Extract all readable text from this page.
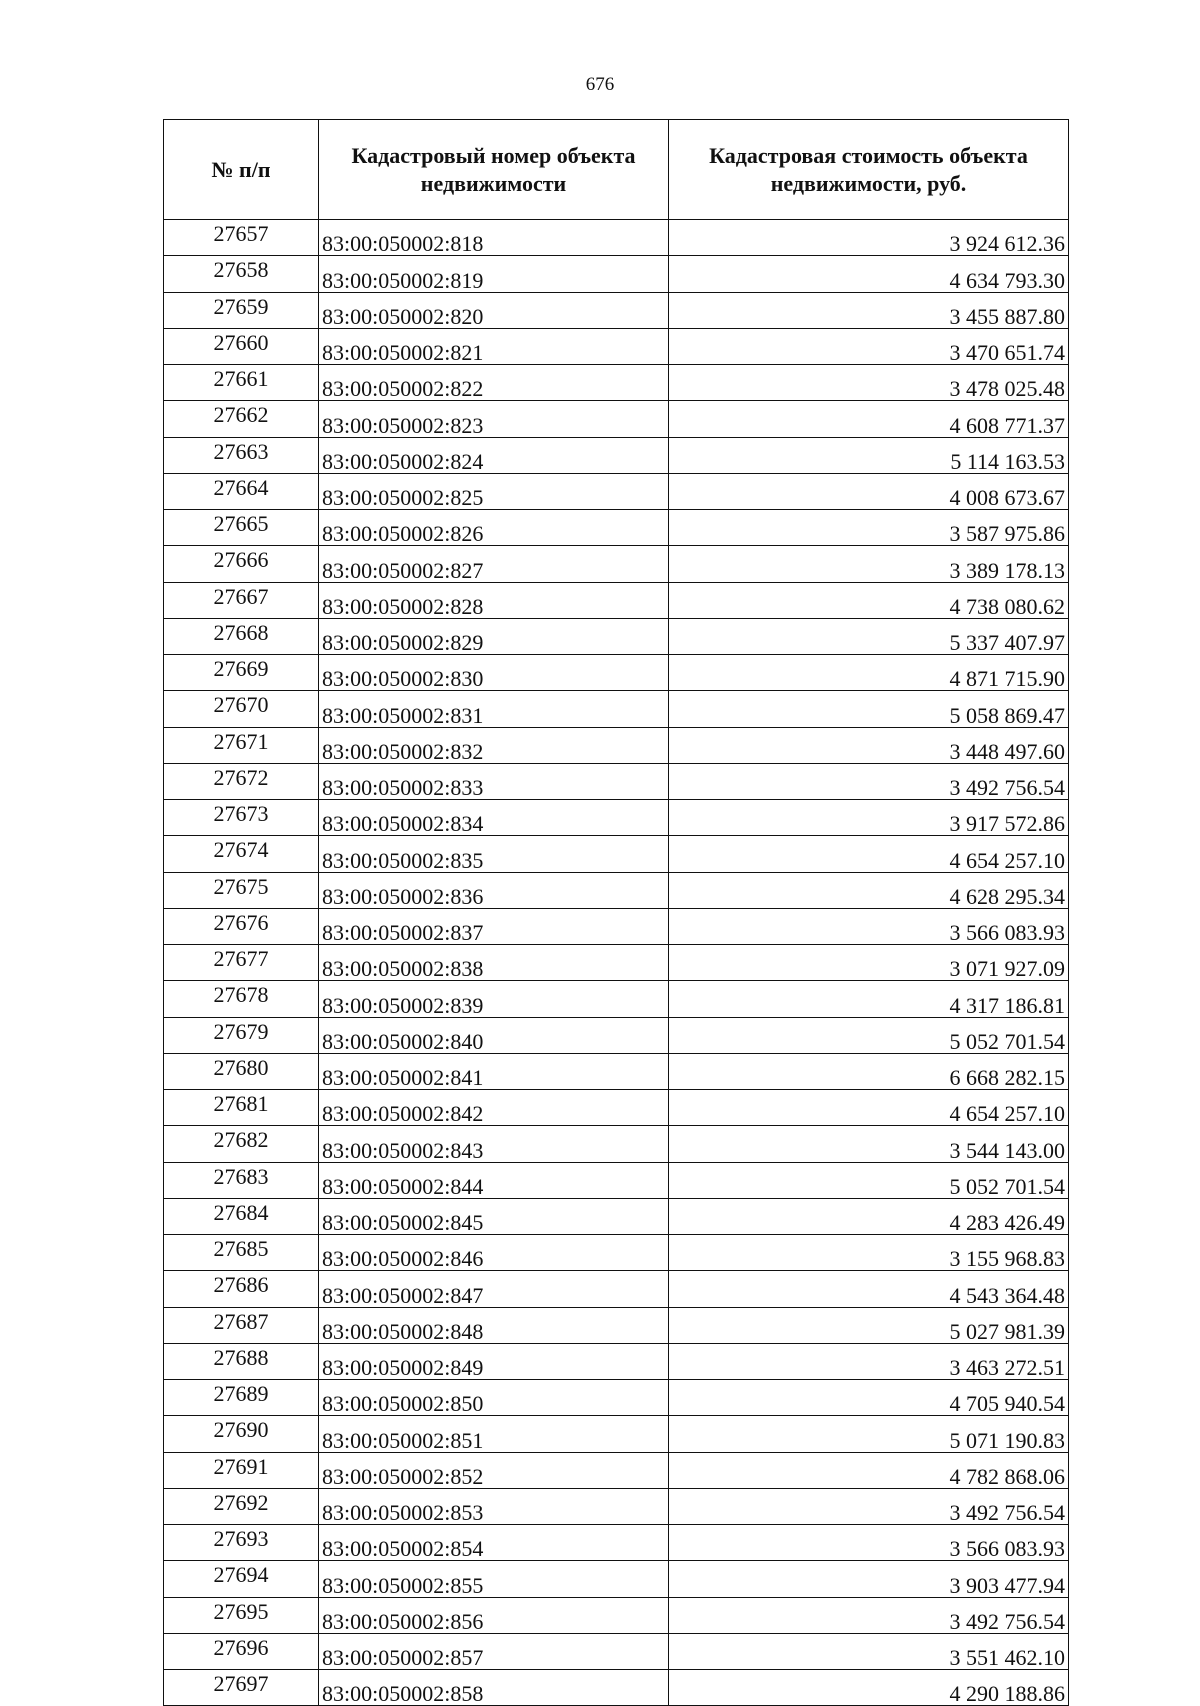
676
№ п/п	Кадастровый номер объекта недвижимости	Кадастровая стоимость объекта недвижимости, руб.
27657	83:00:050002:818	3 924 612.36
27658	83:00:050002:819	4 634 793.30
27659	83:00:050002:820	3 455 887.80
27660	83:00:050002:821	3 470 651.74
27661	83:00:050002:822	3 478 025.48
27662	83:00:050002:823	4 608 771.37
27663	83:00:050002:824	5 114 163.53
27664	83:00:050002:825	4 008 673.67
27665	83:00:050002:826	3 587 975.86
27666	83:00:050002:827	3 389 178.13
27667	83:00:050002:828	4 738 080.62
27668	83:00:050002:829	5 337 407.97
27669	83:00:050002:830	4 871 715.90
27670	83:00:050002:831	5 058 869.47
27671	83:00:050002:832	3 448 497.60
27672	83:00:050002:833	3 492 756.54
27673	83:00:050002:834	3 917 572.86
27674	83:00:050002:835	4 654 257.10
27675	83:00:050002:836	4 628 295.34
27676	83:00:050002:837	3 566 083.93
27677	83:00:050002:838	3 071 927.09
27678	83:00:050002:839	4 317 186.81
27679	83:00:050002:840	5 052 701.54
27680	83:00:050002:841	6 668 282.15
27681	83:00:050002:842	4 654 257.10
27682	83:00:050002:843	3 544 143.00
27683	83:00:050002:844	5 052 701.54
27684	83:00:050002:845	4 283 426.49
27685	83:00:050002:846	3 155 968.83
27686	83:00:050002:847	4 543 364.48
27687	83:00:050002:848	5 027 981.39
27688	83:00:050002:849	3 463 272.51
27689	83:00:050002:850	4 705 940.54
27690	83:00:050002:851	5 071 190.83
27691	83:00:050002:852	4 782 868.06
27692	83:00:050002:853	3 492 756.54
27693	83:00:050002:854	3 566 083.93
27694	83:00:050002:855	3 903 477.94
27695	83:00:050002:856	3 492 756.54
27696	83:00:050002:857	3 551 462.10
27697	83:00:050002:858	4 290 188.86
